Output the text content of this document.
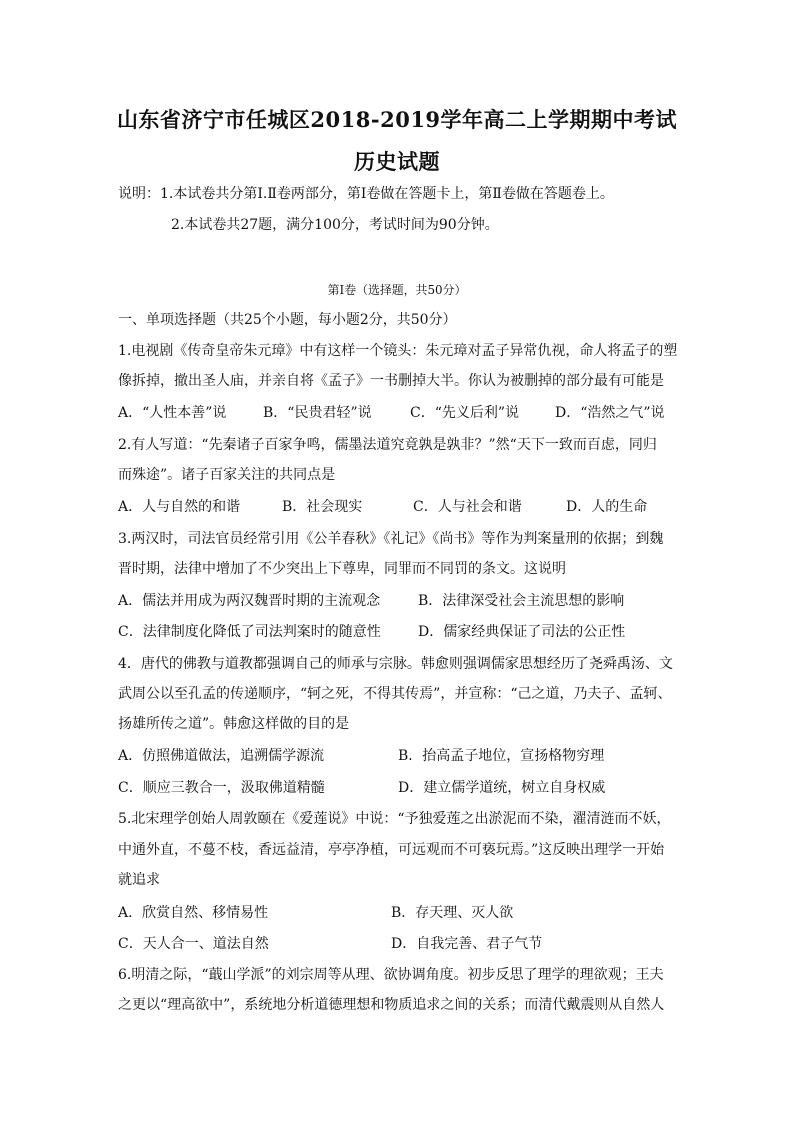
山东省济宁市任城区2018-2019学年高二上学期期中考试
历史试题
说明：1.本试卷共分第Ⅰ.Ⅱ卷两部分，第Ⅰ卷做在答题卡上，第Ⅱ卷做在答题卷上。
2.本试卷共27题，满分100分，考试时间为90分钟。
第Ⅰ卷（选择题，共50分）
一、单项选择题（共25个小题，每小题2分，共50分）
1.电视剧《传奇皇帝朱元璋》中有这样一个镜头：朱元璋对孟子异常仇视，命人将孟子的塑
像拆掉，撤出圣人庙，并亲自将《孟子》一书删掉大半。你认为被删掉的部分最有可能是
A．“人性本善”说	B．“民贵君轻”说	C．“先义后利”说	D．“浩然之气”说
2.有人写道：“先秦诸子百家争鸣，儒墨法道究竟孰是孰非？”然“天下一致而百虑，同归
而殊途”。诸子百家关注的共同点是
A．人与自然的和谐	B．社会现实	C．人与社会和谐	D．人的生命
3.两汉时，司法官员经常引用《公羊春秋》《礼记》《尚书》等作为判案量刑的依据；到魏
晋时期，法律中增加了不少突出上下尊卑，同罪而不同罚的条文。这说明
A．儒法并用成为两汉魏晋时期的主流观念	B．法律深受社会主流思想的影响
C．法律制度化降低了司法判案时的随意性	D．儒家经典保证了司法的公正性
4．唐代的佛教与道教都强调自己的师承与宗脉。韩愈则强调儒家思想经历了尧舜禹汤、文
武周公以至孔孟的传递顺序，“轲之死，不得其传焉”，并宣称：“己之道，乃夫子、孟轲、
扬雄所传之道”。韩愈这样做的目的是
A．仿照佛道做法，追溯儒学源流	B．抬高孟子地位，宣扬格物穷理
C．顺应三教合一，汲取佛道精髓	D．建立儒学道统，树立自身权威
5.北宋理学创始人周敦颐在《爱莲说》中说：“予独爱莲之出淤泥而不染，濯清涟而不妖，
中通外直，不蔓不枝，香远益清，亭亭净植，可远观而不可亵玩焉。”这反映出理学一开始
就追求
A．欣赏自然、移情易性	B．存天理、灭人欲
C．天人合一、道法自然	D．自我完善、君子气节
6.明清之际，“蕺山学派”的刘宗周等从理、欲协调角度。初步反思了理学的理欲观；王夫
之更以“理高欲中”，系统地分析道德理想和物质追求之间的关系；而清代戴震则从自然人
